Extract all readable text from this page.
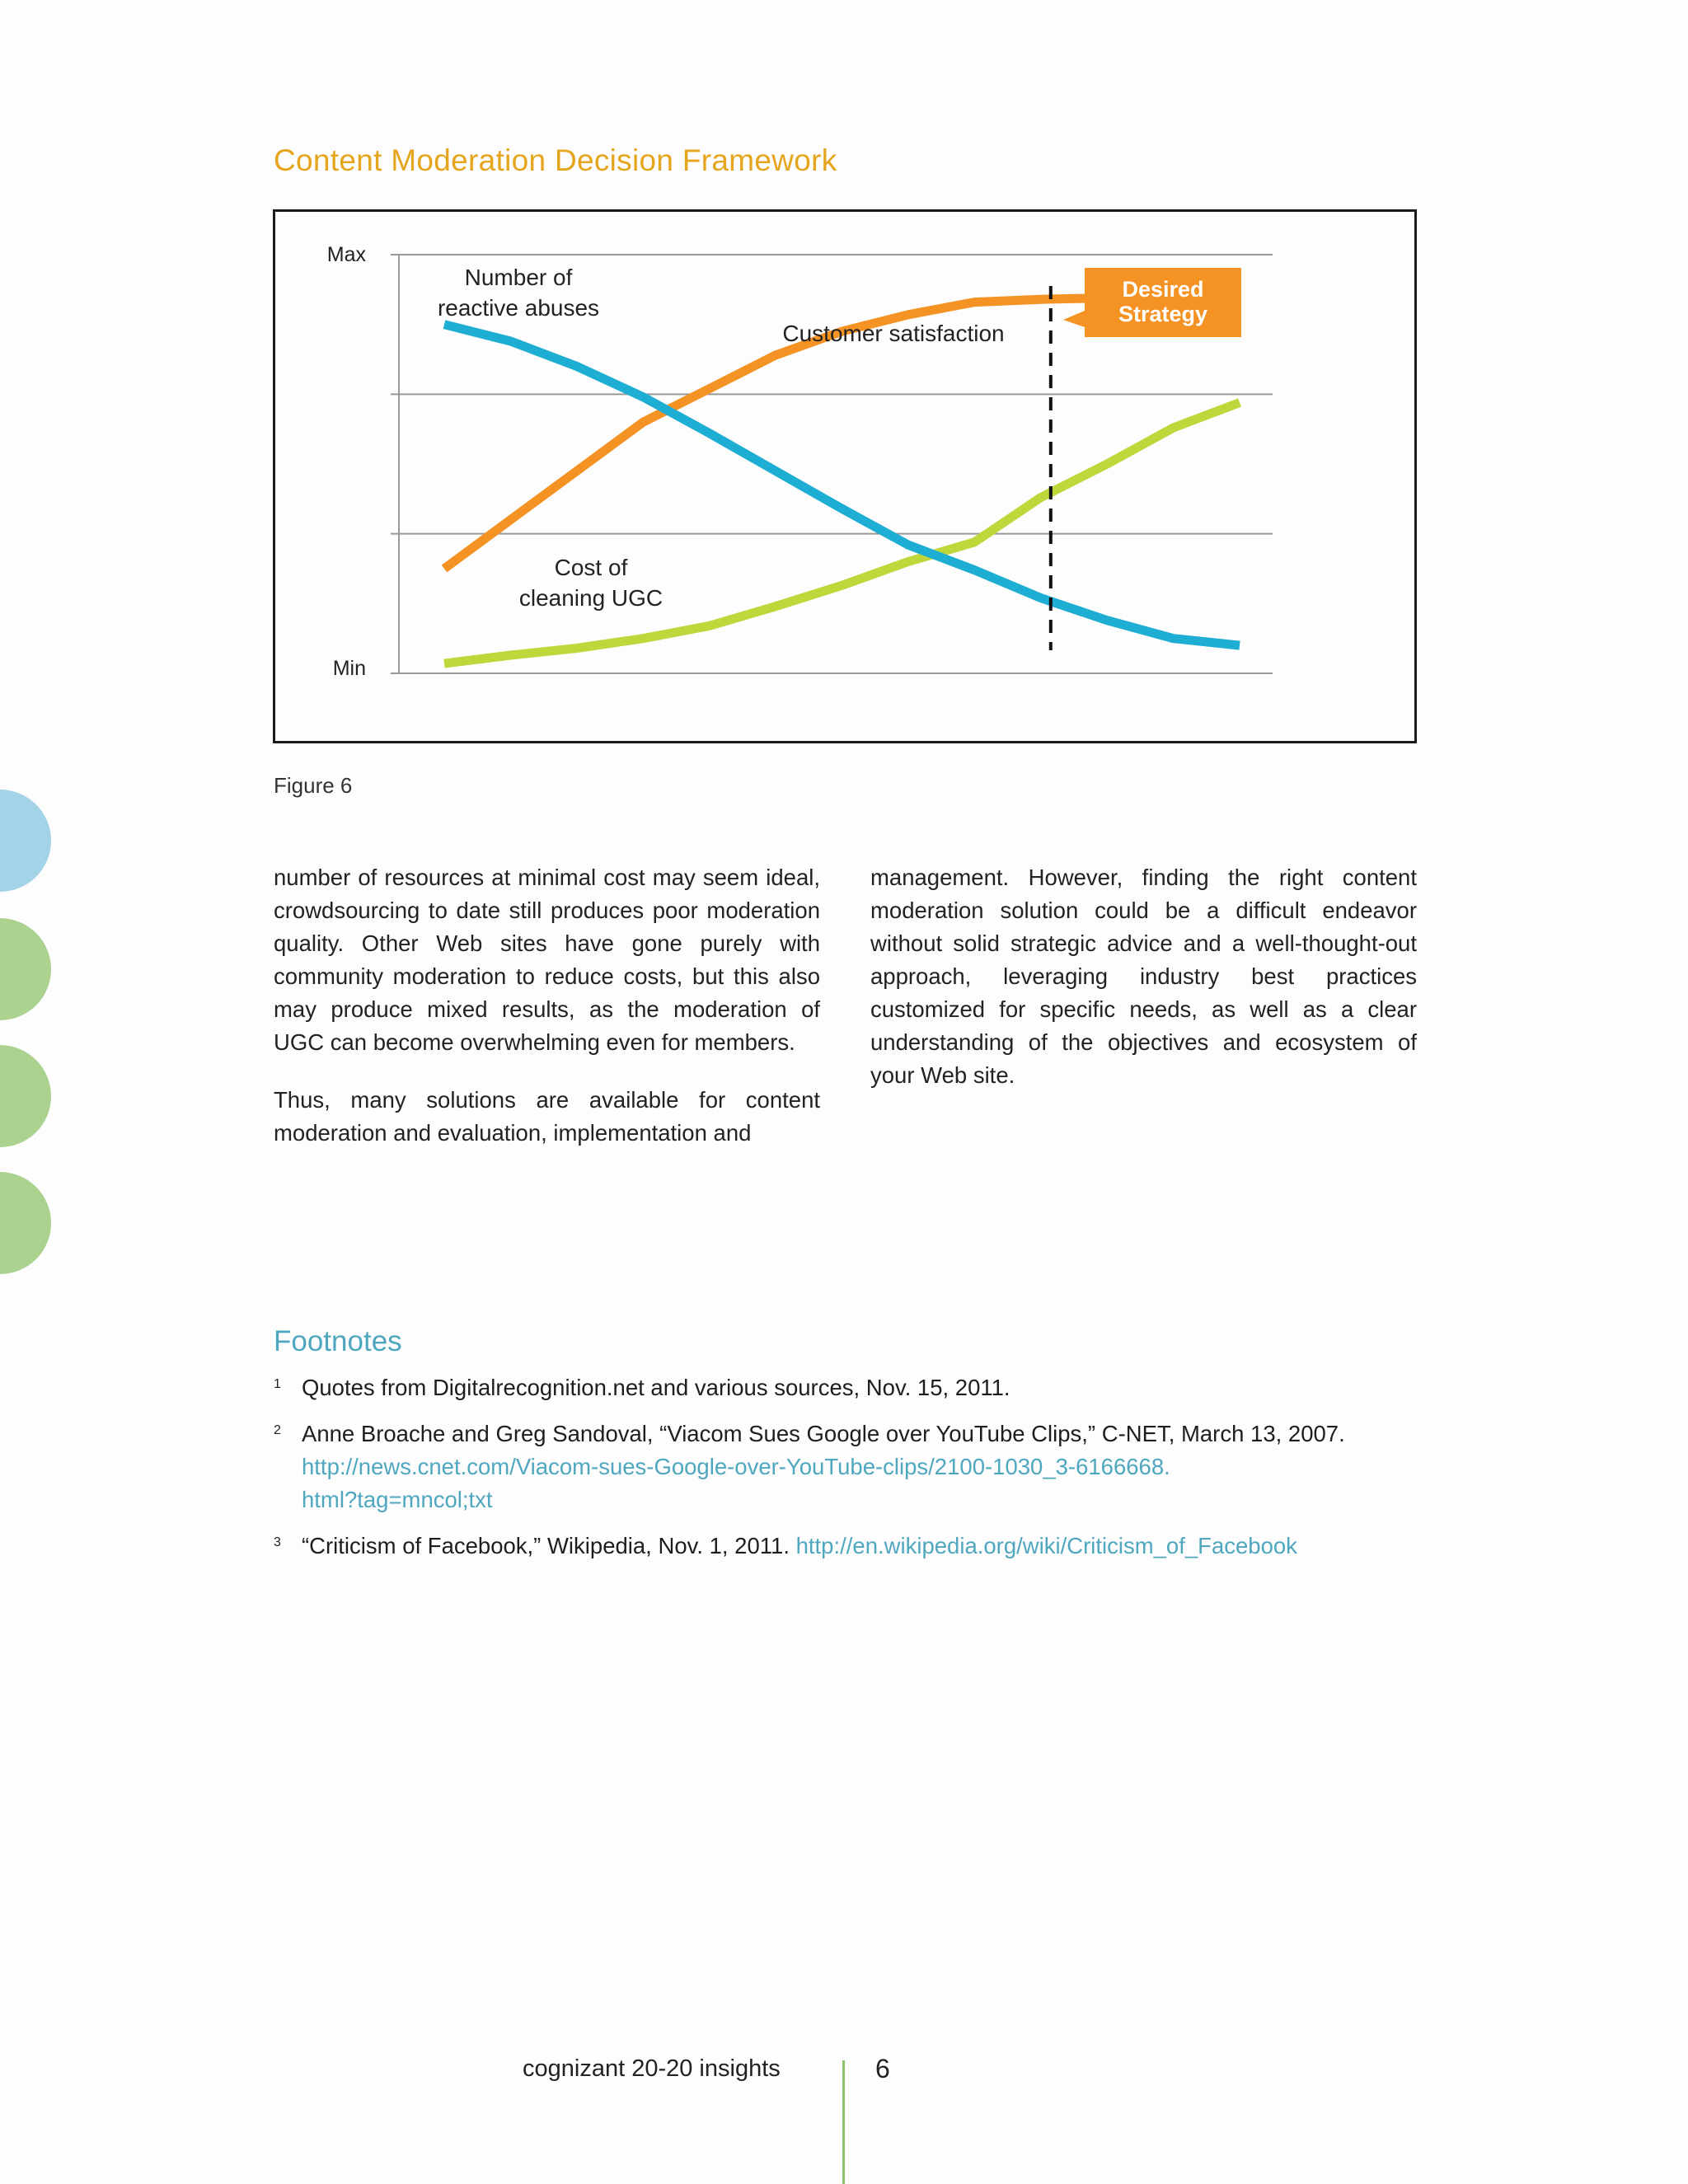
Content Moderation Decision Framework
Max
Min
Number of
reactive abuses
Customer satisfaction
Cost of
cleaning UGC
Desired
Strategy

Figure 6

number of resources at minimal cost may seem ideal, crowdsourcing to date still produces poor moderation quality. Other Web sites have gone purely with community moderation to reduce costs, but this also may produce mixed results, as the moderation of UGC can become overwhelming even for members.

Thus, many solutions are available for content moderation and evaluation, implementation and

management. However, finding the right content moderation solution could be a difficult endeavor without solid strategic advice and a well-thought-out approach, leveraging industry best practices customized for specific needs, as well as a clear understanding of the objectives and ecosystem of your Web site.

Footnotes
1 Quotes from Digitalrecognition.net and various sources, Nov. 15, 2011.
2 Anne Broache and Greg Sandoval, “Viacom Sues Google over YouTube Clips,” C-NET, March 13, 2007.
http://news.cnet.com/Viacom-sues-Google-over-YouTube-clips/2100-1030_3-6166668.
html?tag=mncol;txt
3 “Criticism of Facebook,” Wikipedia, Nov. 1, 2011. http://en.wikipedia.org/wiki/Criticism_of_Facebook
cognizant 20-20 insights	6
